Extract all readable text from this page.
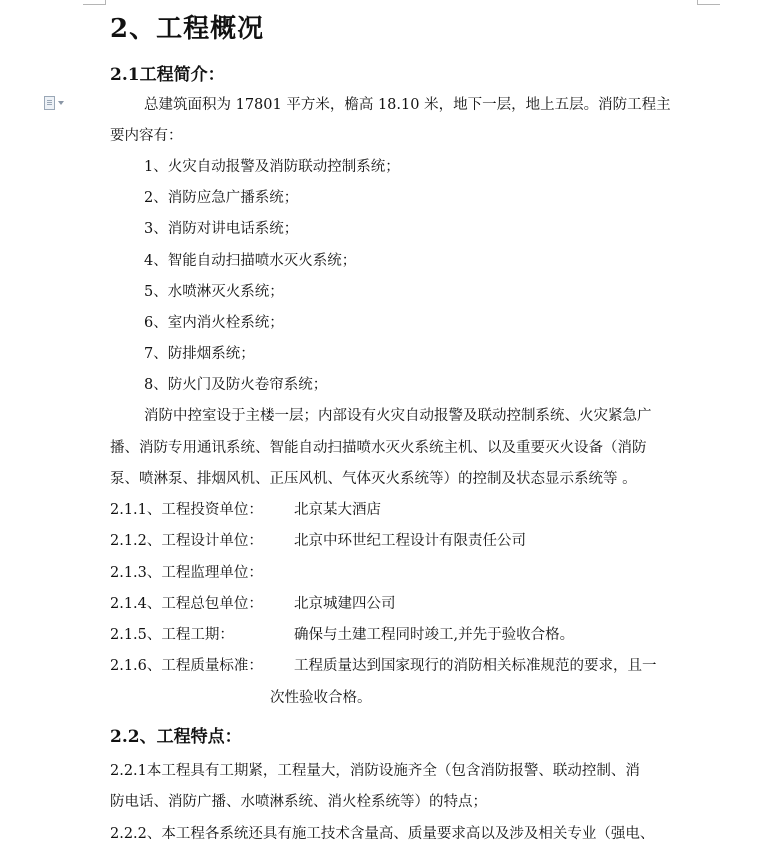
2、工程概况
2.1工程简介：
总建筑面积为 17801 平方米，檐高 18.10 米，地下一层，地上五层。消防工程主
要内容有：
1、火灾自动报警及消防联动控制系统；
2、消防应急广播系统；
3、消防对讲电话系统；
4、智能自动扫描喷水灭火系统；
5、水喷淋灭火系统；
6、室内消火栓系统；
7、防排烟系统；
8、防火门及防火卷帘系统；
消防中控室设于主楼一层；内部设有火灾自动报警及联动控制系统、火灾紧急广
播、消防专用通讯系统、智能自动扫描喷水灭火系统主机、以及重要灭火设备（消防
泵、喷淋泵、排烟风机、正压风机、气体灭火系统等）的控制及状态显示系统等 。
2.1.1、工程投资单位： 北京某大酒店
2.1.2、工程设计单位： 北京中环世纪工程设计有限责任公司
2.1.3、工程监理单位：
2.1.4、工程总包单位： 北京城建四公司
2.1.5、工程工期：	确保与土建工程同时竣工,并先于验收合格。
2.1.6、工程质量标准： 工程质量达到国家现行的消防相关标准规范的要求，且一
次性验收合格。
2.2、工程特点：
2.2.1本工程具有工期紧，工程量大，消防设施齐全（包含消防报警、联动控制、消
防电话、消防广播、水喷淋系统、消火栓系统等）的特点；
2.2.2、本工程各系统还具有施工技术含量高、质量要求高以及涉及相关专业（强电、
